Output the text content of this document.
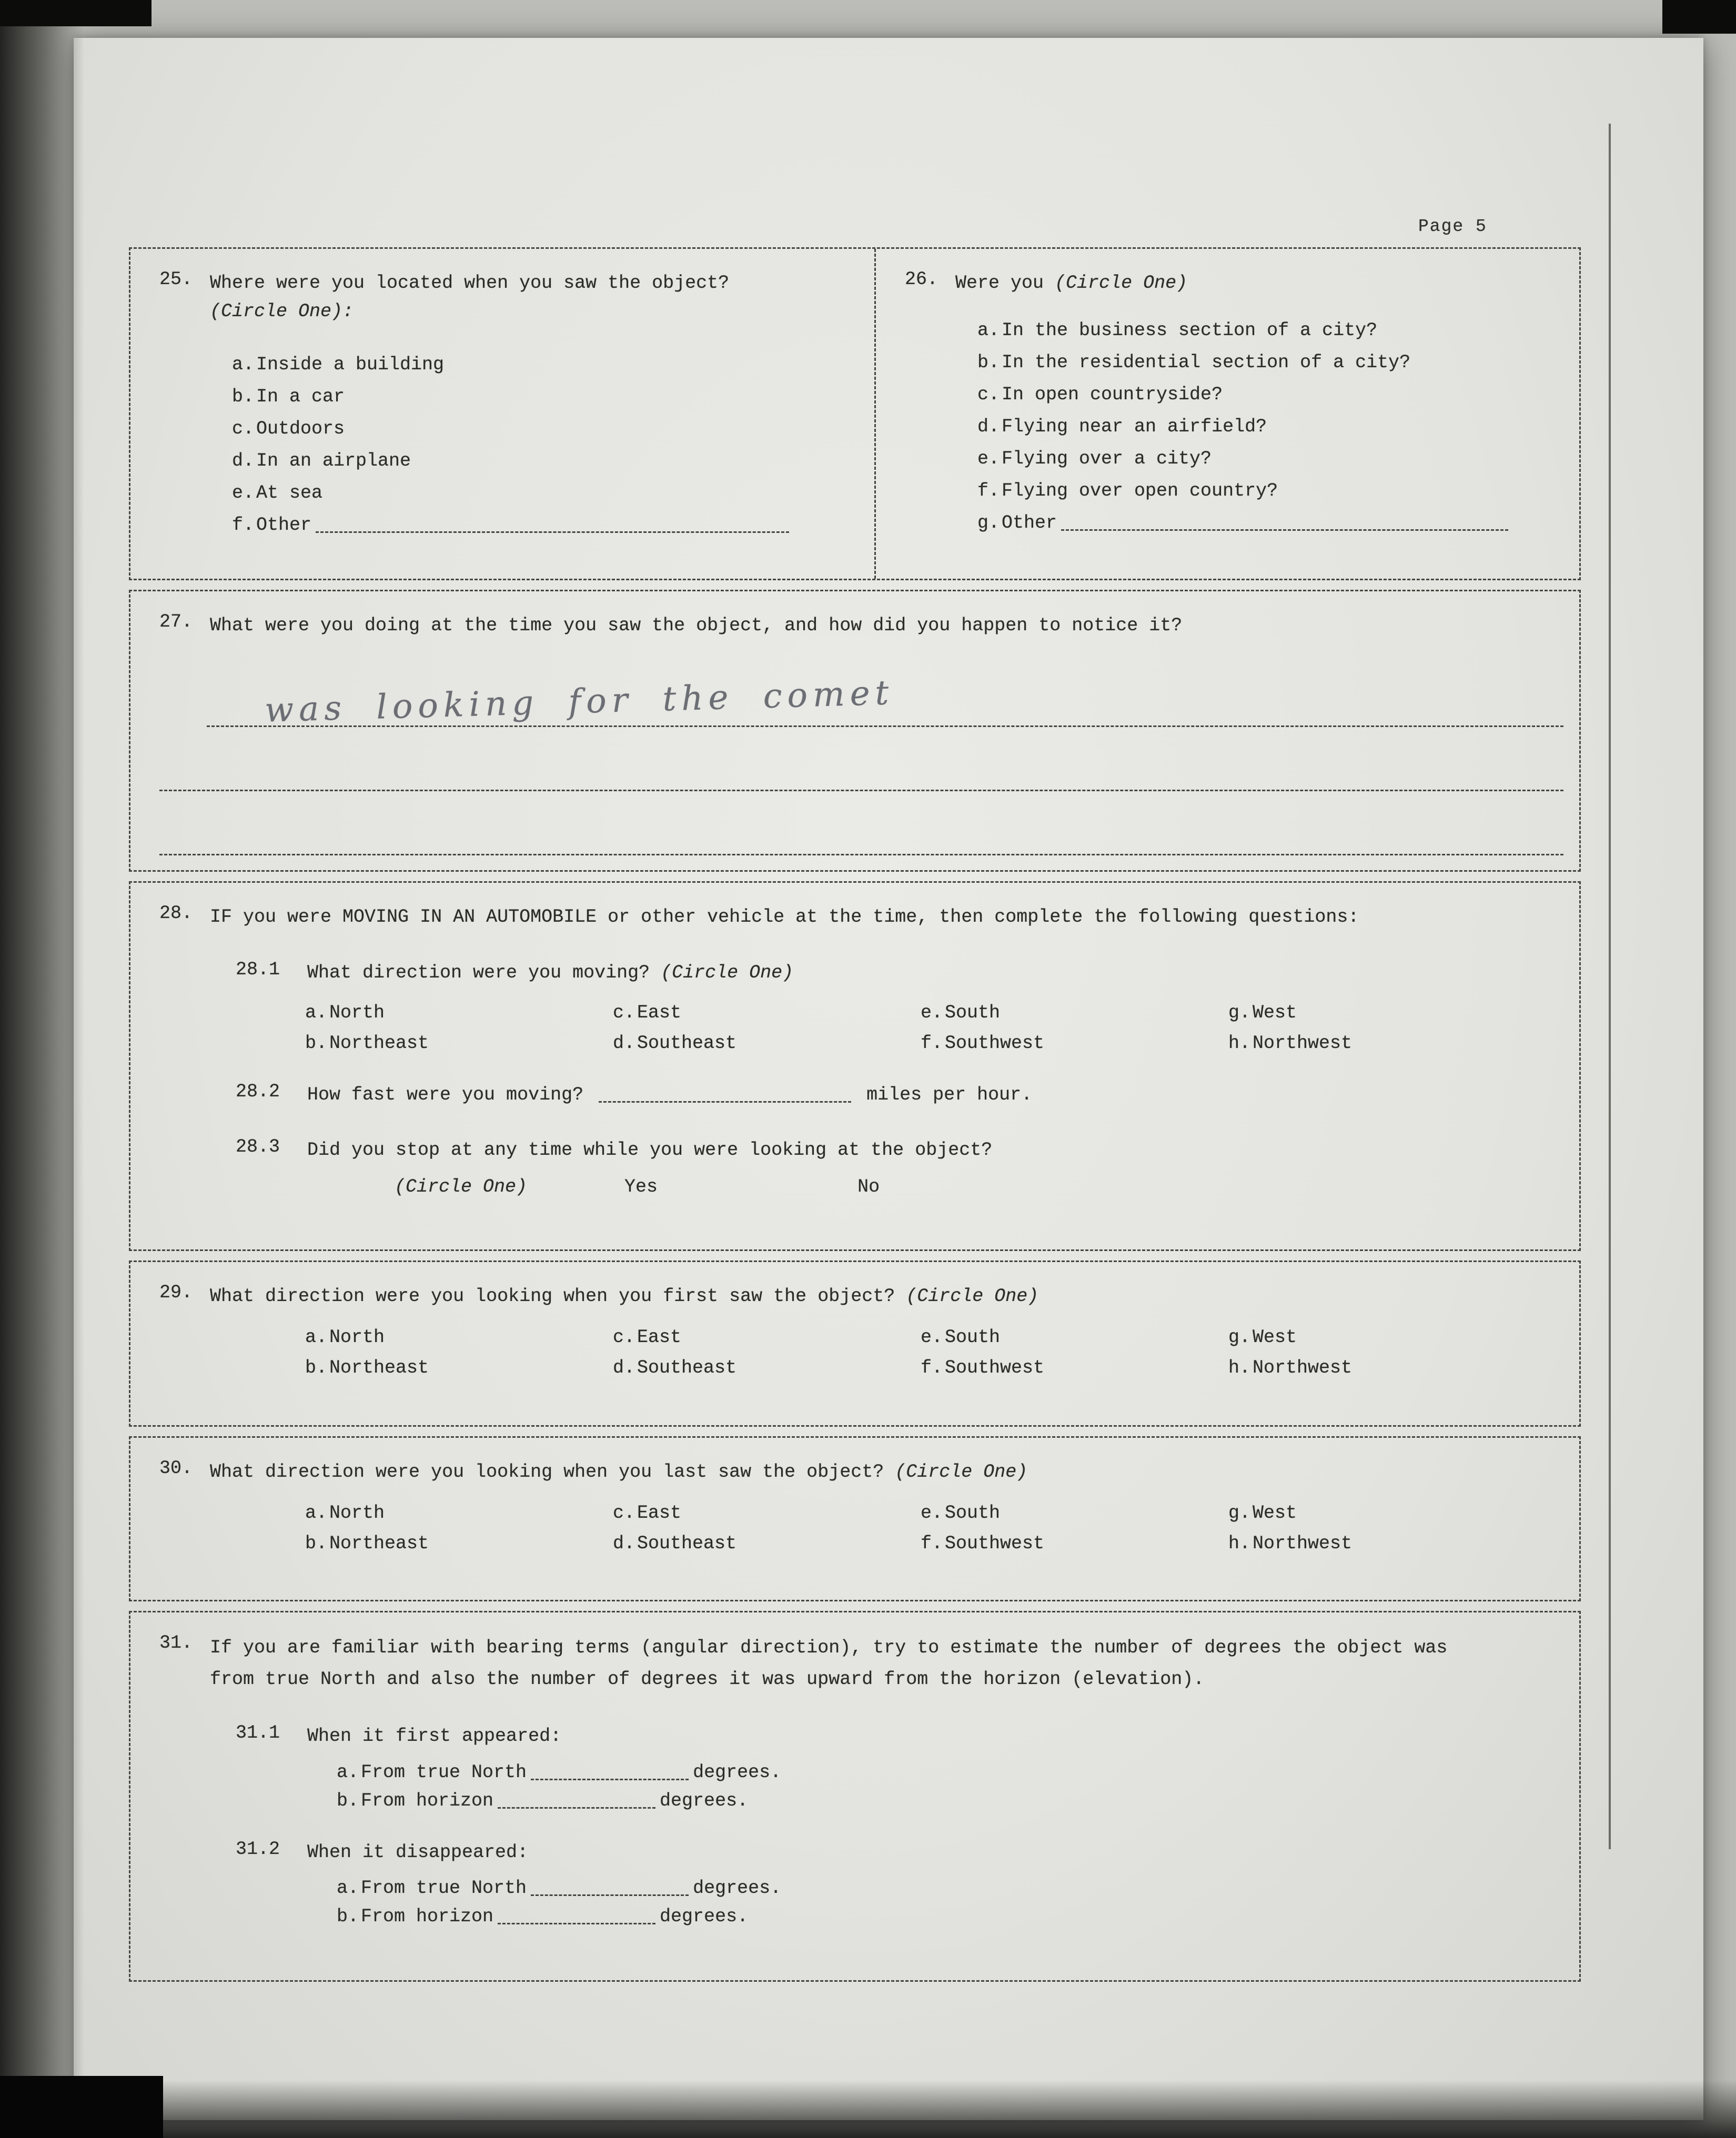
Page 5
25. Where were you located when you saw the object?
(Circle One):
a. Inside a building
b. In a car
c. Outdoors
d. In an airplane
e. At sea
f. Other
26. Were you (Circle One)
a. In the business section of a city?
b. In the residential section of a city?
c. In open countryside?
d. Flying near an airfield?
e. Flying over a city?
f. Flying over open country?
g. Other
27. What were you doing at the time you saw the object, and how did you happen to notice it?
was looking for the comet
28. IF you were MOVING IN AN AUTOMOBILE or other vehicle at the time, then complete the following questions:
28.1	What direction were you moving? (Circle One)
a. North
b. Northeast
c. East
d. Southeast
e. South
f. Southwest
g. West
h. Northwest
28.2	How fast were you moving?	miles per hour.
28.3	Did you stop at any time while you were looking at the object?
(Circle One)	Yes	No
29. What direction were you looking when you first saw the object? (Circle One)
a. North
b. Northeast
c. East
d. Southeast
e. South
f. Southwest
g. West
h. Northwest
30. What direction were you looking when you last saw the object? (Circle One)
a. North
b. Northeast
c. East
d. Southeast
e. South
f. Southwest
g. West
h. Northwest
31. If you are familiar with bearing terms (angular direction), try to estimate the number of degrees the object was
from true North and also the number of degrees it was upward from the horizon (elevation).
31.1	When it first appeared:
a. From true North	degrees.
b. From horizon	degrees.
31.2	When it disappeared:
a. From true North	degrees.
b. From horizon	degrees.
